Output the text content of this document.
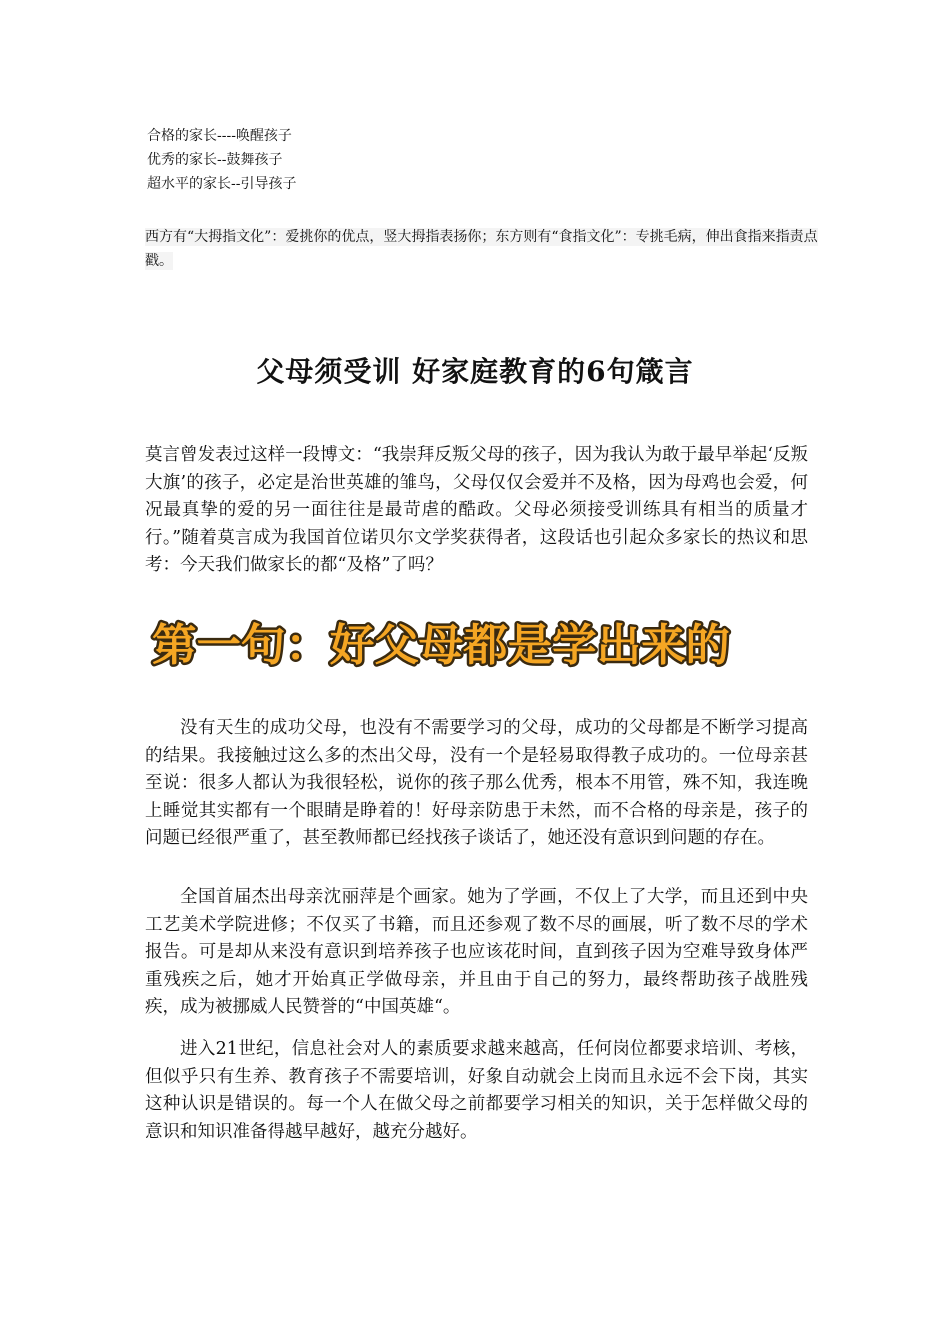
合格的家长----唤醒孩子
优秀的家长--鼓舞孩子
超水平的家长--引导孩子
西方有“大拇指文化”：爱挑你的优点，竖大拇指表扬你；东方则有“食指文化”：专挑毛病，伸出食指来指责点戳。
父母须受训 好家庭教育的6句箴言
莫言曾发表过这样一段博文：“我崇拜反叛父母的孩子，因为我认为敢于最早举起‘反叛大旗’的孩子，必定是治世英雄的雏鸟，父母仅仅会爱并不及格，因为母鸡也会爱，何况最真挚的爱的另一面往往是最苛虐的酷政。父母必须接受训练具有相当的质量才行。”随着莫言成为我国首位诺贝尔文学奖获得者，这段话也引起众多家长的热议和思考：今天我们做家长的都“及格”了吗？
第一句：好父母都是学出来的
没有天生的成功父母，也没有不需要学习的父母，成功的父母都是不断学习提高的结果。我接触过这么多的杰出父母，没有一个是轻易取得教子成功的。一位母亲甚至说：很多人都认为我很轻松，说你的孩子那么优秀，根本不用管，殊不知，我连晚上睡觉其实都有一个眼睛是睁着的！好母亲防患于未然，而不合格的母亲是，孩子的问题已经很严重了，甚至教师都已经找孩子谈话了，她还没有意识到问题的存在。
全国首届杰出母亲沈丽萍是个画家。她为了学画，不仅上了大学，而且还到中央工艺美术学院进修；不仅买了书籍，而且还参观了数不尽的画展，听了数不尽的学术报告。可是却从来没有意识到培养孩子也应该花时间，直到孩子因为空难导致身体严重残疾之后，她才开始真正学做母亲，并且由于自己的努力，最终帮助孩子战胜残疾，成为被挪威人民赞誉的“中国英雄“。
进入21世纪，信息社会对人的素质要求越来越高，任何岗位都要求培训、考核，但似乎只有生养、教育孩子不需要培训，好象自动就会上岗而且永远不会下岗，其实这种认识是错误的。每一个人在做父母之前都要学习相关的知识，关于怎样做父母的意识和知识准备得越早越好，越充分越好。
